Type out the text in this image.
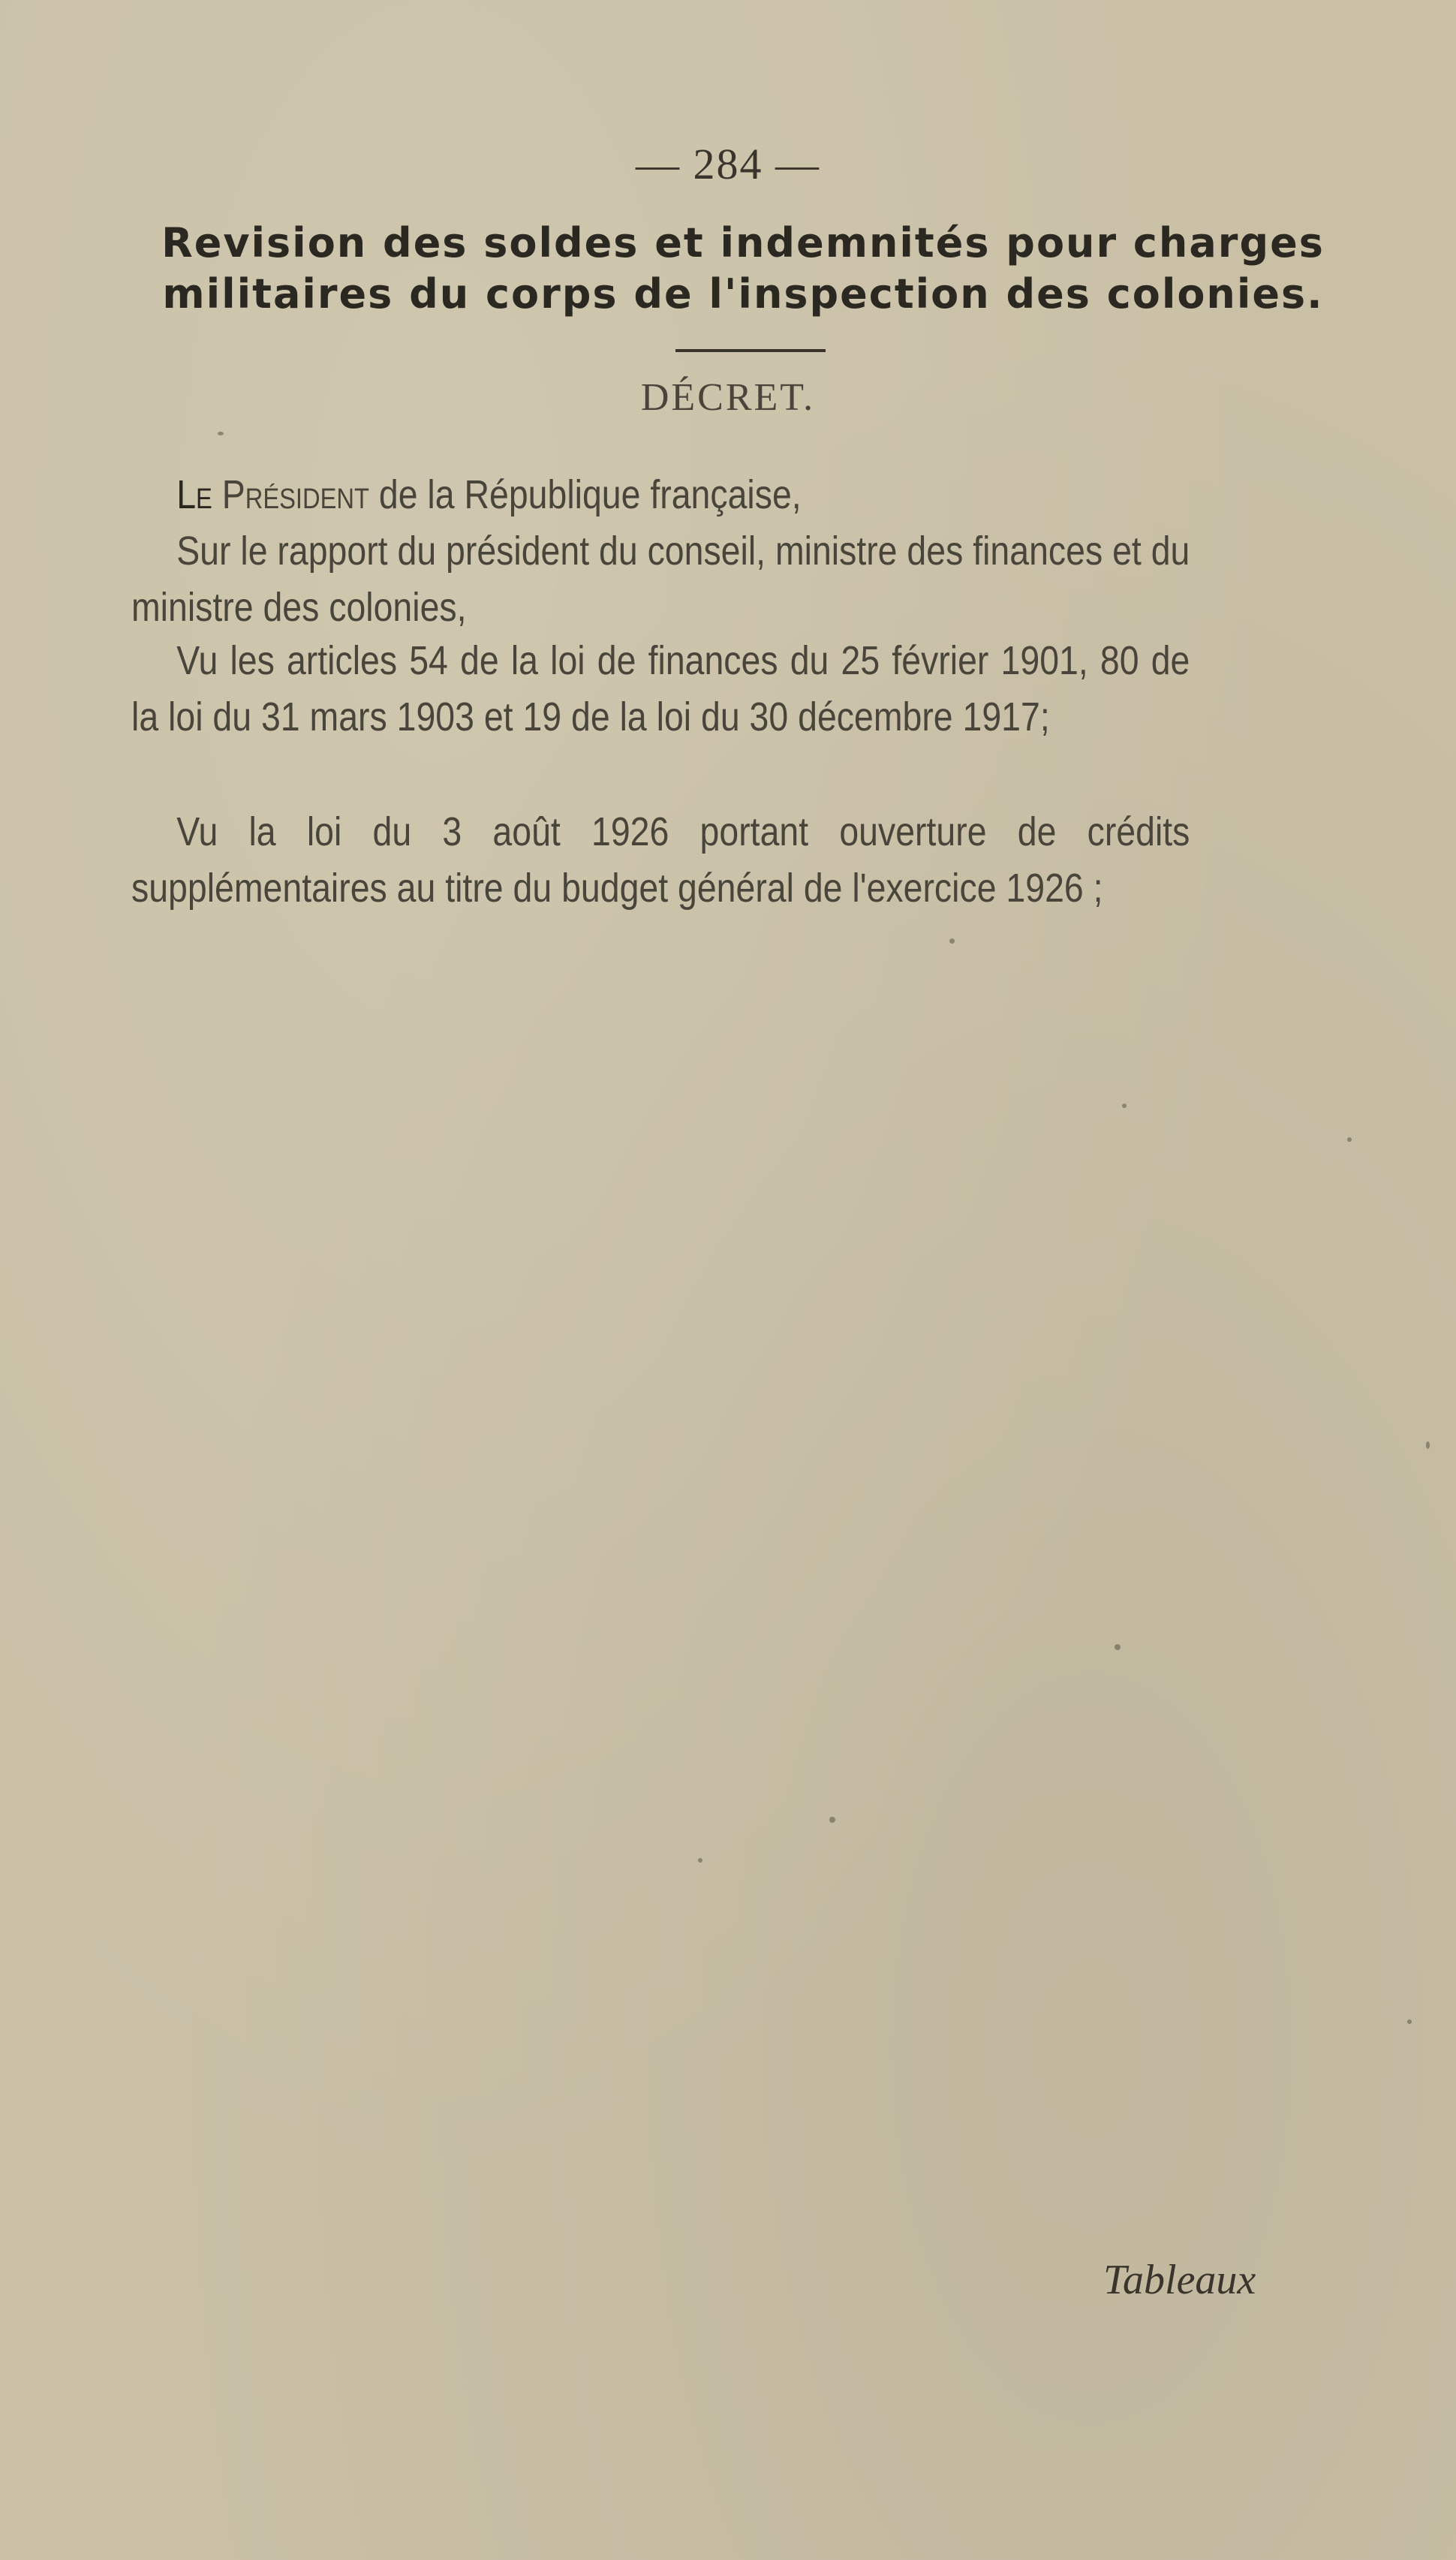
— 284 —
Revision des soldes et indemnités pour charges
militaires du corps de l'inspection des colonies.
DÉCRET.

Le Président de la République française,

Sur le rapport du président du conseil, ministre des finances et du ministre des colonies,

Vu les articles 54 de la loi de finances du 25 février 1901, 80 de la loi du 31 mars 1903 et 19 de la loi du 30 décembre 1917;

Vu la loi du 3 août 1926 portant ouverture de crédits supplémentaires au titre du budget général de l'exercice 1926 ;

Tableaux
